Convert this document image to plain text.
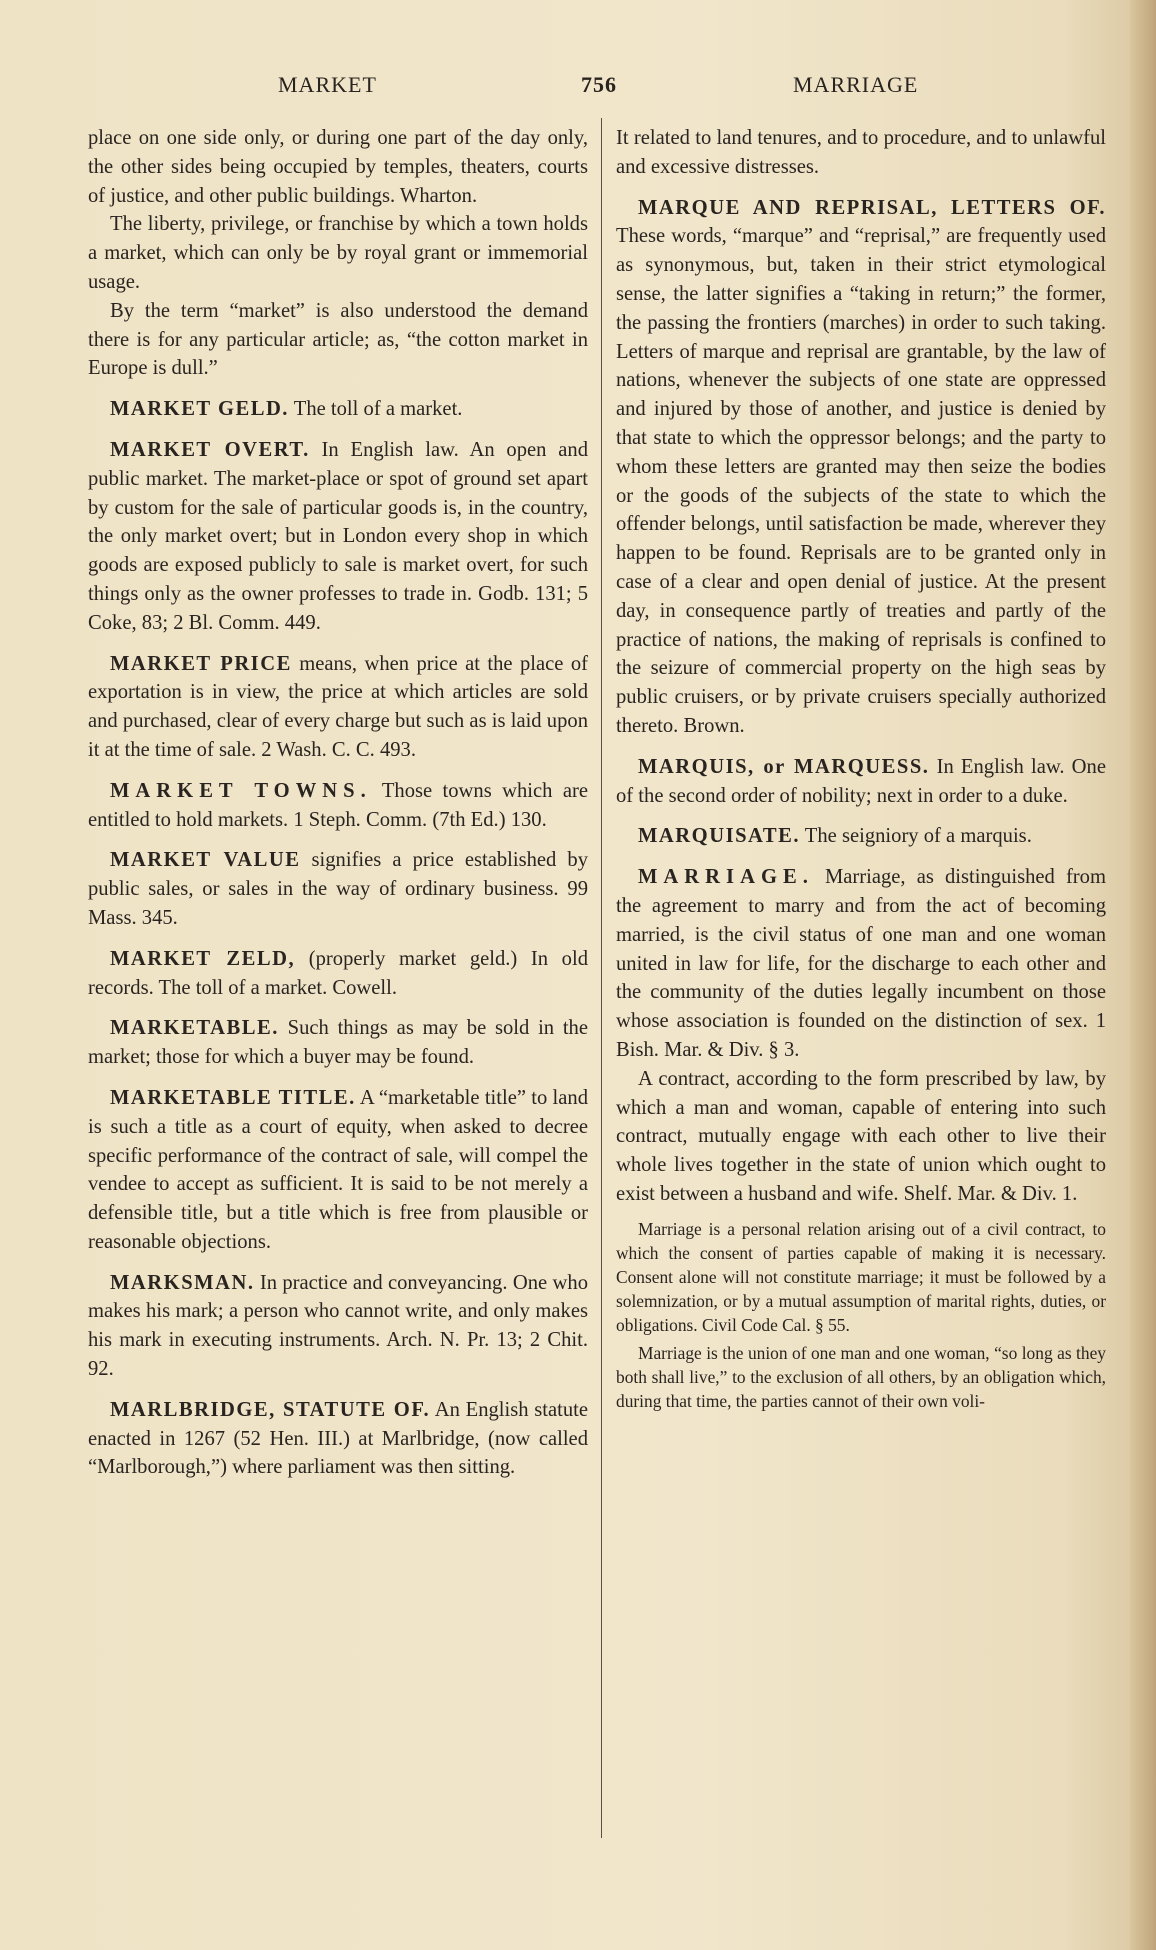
MARKET	756	MARRIAGE

place on one side only, or during one part of the day only, the other sides being occupied by temples, theaters, courts of justice, and other public buildings. Wharton.

The liberty, privilege, or franchise by which a town holds a market, which can only be by royal grant or immemorial usage.

By the term “market” is also understood the demand there is for any particular article; as, “the cotton market in Europe is dull.”

MARKET GELD. The toll of a market.

MARKET OVERT. In English law. An open and public market. The market-place or spot of ground set apart by custom for the sale of particular goods is, in the country, the only market overt; but in London every shop in which goods are exposed publicly to sale is market overt, for such things only as the owner professes to trade in. Godb. 131; 5 Coke, 83; 2 Bl. Comm. 449.

MARKET PRICE means, when price at the place of exportation is in view, the price at which articles are sold and purchased, clear of every charge but such as is laid upon it at the time of sale. 2 Wash. C. C. 493.

MARKET TOWNS. Those towns which are entitled to hold markets. 1 Steph. Comm. (7th Ed.) 130.

MARKET VALUE signifies a price established by public sales, or sales in the way of ordinary business. 99 Mass. 345.

MARKET ZELD, (properly market geld.) In old records. The toll of a market. Cowell.

MARKETABLE. Such things as may be sold in the market; those for which a buyer may be found.

MARKETABLE TITLE. A “marketable title” to land is such a title as a court of equity, when asked to decree specific performance of the contract of sale, will compel the vendee to accept as sufficient. It is said to be not merely a defensible title, but a title which is free from plausible or reasonable objections.

MARKSMAN. In practice and conveyancing. One who makes his mark; a person who cannot write, and only makes his mark in executing instruments. Arch. N. Pr. 13; 2 Chit. 92.

MARLBRIDGE, STATUTE OF. An English statute enacted in 1267 (52 Hen. III.) at Marlbridge, (now called “Marlborough,”) where parliament was then sitting.

It related to land tenures, and to procedure, and to unlawful and excessive distresses.

MARQUE AND REPRISAL, LETTERS OF. These words, “marque” and “reprisal,” are frequently used as synonymous, but, taken in their strict etymological sense, the latter signifies a “taking in return;” the former, the passing the frontiers (marches) in order to such taking. Letters of marque and reprisal are grantable, by the law of nations, whenever the subjects of one state are oppressed and injured by those of another, and justice is denied by that state to which the oppressor belongs; and the party to whom these letters are granted may then seize the bodies or the goods of the subjects of the state to which the offender belongs, until satisfaction be made, wherever they happen to be found. Reprisals are to be granted only in case of a clear and open denial of justice. At the present day, in consequence partly of treaties and partly of the practice of nations, the making of reprisals is confined to the seizure of commercial property on the high seas by public cruisers, or by private cruisers specially authorized thereto. Brown.

MARQUIS, or MARQUESS. In English law. One of the second order of nobility; next in order to a duke.

MARQUISATE. The seigniory of a marquis.

MARRIAGE. Marriage, as distinguished from the agreement to marry and from the act of becoming married, is the civil status of one man and one woman united in law for life, for the discharge to each other and the community of the duties legally incumbent on those whose association is founded on the distinction of sex. 1 Bish. Mar. & Div. § 3.

A contract, according to the form prescribed by law, by which a man and woman, capable of entering into such contract, mutually engage with each other to live their whole lives together in the state of union which ought to exist between a husband and wife. Shelf. Mar. & Div. 1.

Marriage is a personal relation arising out of a civil contract, to which the consent of parties capable of making it is necessary. Consent alone will not constitute marriage; it must be followed by a solemnization, or by a mutual assumption of marital rights, duties, or obligations. Civil Code Cal. § 55.

Marriage is the union of one man and one woman, “so long as they both shall live,” to the exclusion of all others, by an obligation which, during that time, the parties cannot of their own voli-
